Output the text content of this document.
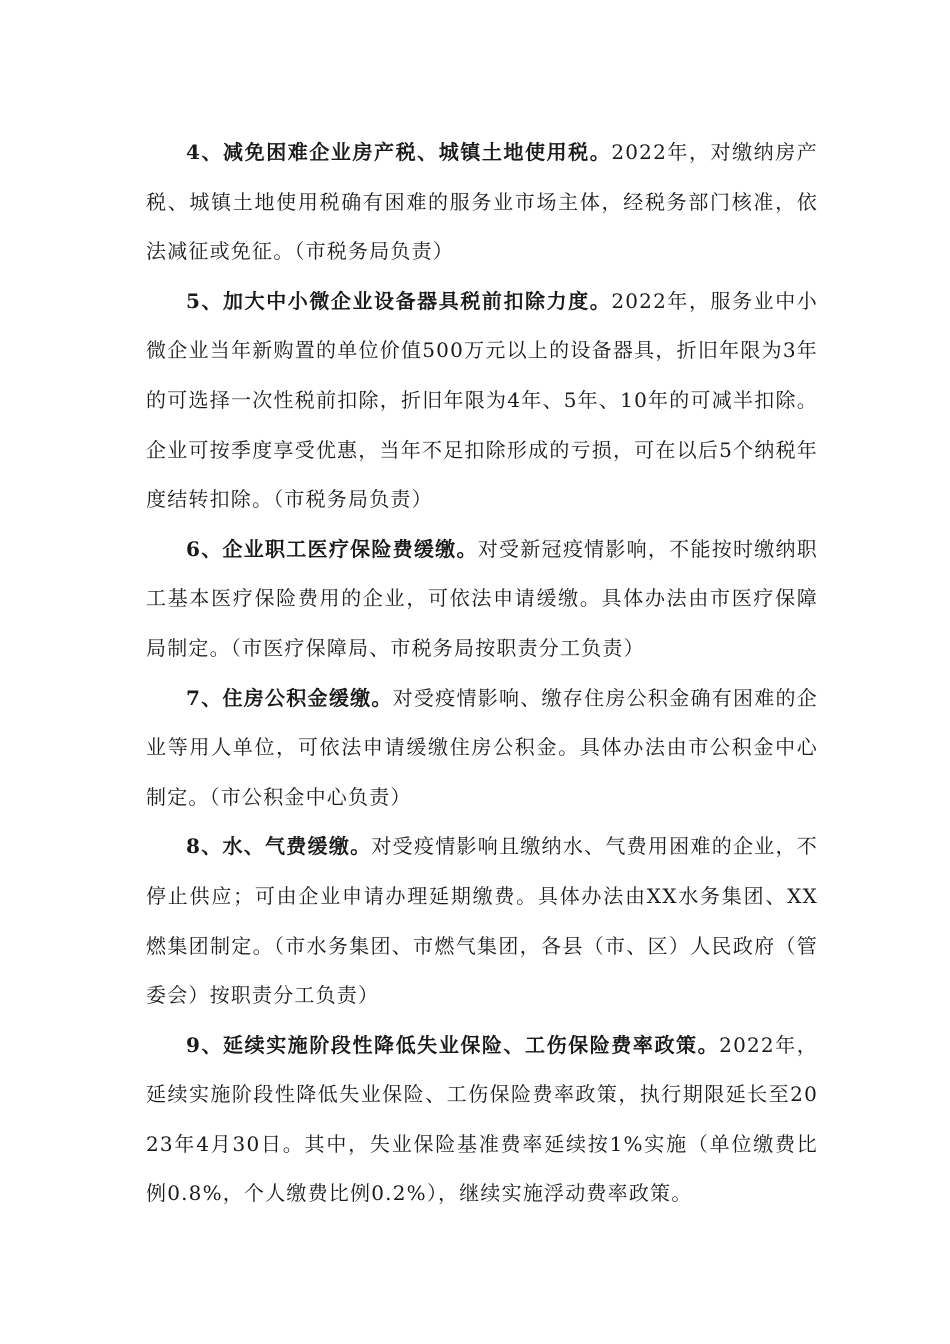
4、减免困难企业房产税、城镇土地使用税。2022年，对缴纳房产税、城镇土地使用税确有困难的服务业市场主体，经税务部门核准，依法减征或免征。（市税务局负责）

5、加大中小微企业设备器具税前扣除力度。2022年，服务业中小微企业当年新购置的单位价值500万元以上的设备器具，折旧年限为3年的可选择一次性税前扣除，折旧年限为4年、5年、10年的可减半扣除。企业可按季度享受优惠，当年不足扣除形成的亏损，可在以后5个纳税年度结转扣除。（市税务局负责）

6、企业职工医疗保险费缓缴。对受新冠疫情影响，不能按时缴纳职工基本医疗保险费用的企业，可依法申请缓缴。具体办法由市医疗保障局制定。（市医疗保障局、市税务局按职责分工负责）

7、住房公积金缓缴。对受疫情影响、缴存住房公积金确有困难的企业等用人单位，可依法申请缓缴住房公积金。具体办法由市公积金中心制定。（市公积金中心负责）

8、水、气费缓缴。对受疫情影响且缴纳水、气费用困难的企业，不停止供应；可由企业申请办理延期缴费。具体办法由XX水务集团、XX燃集团制定。（市水务集团、市燃气集团，各县（市、区）人民政府（管委会）按职责分工负责）

9、延续实施阶段性降低失业保险、工伤保险费率政策。2022年，延续实施阶段性降低失业保险、工伤保险费率政策，执行期限延长至2023年4月30日。其中，失业保险基准费率延续按1%实施（单位缴费比例0.8%，个人缴费比例0.2%），继续实施浮动费率政策。
